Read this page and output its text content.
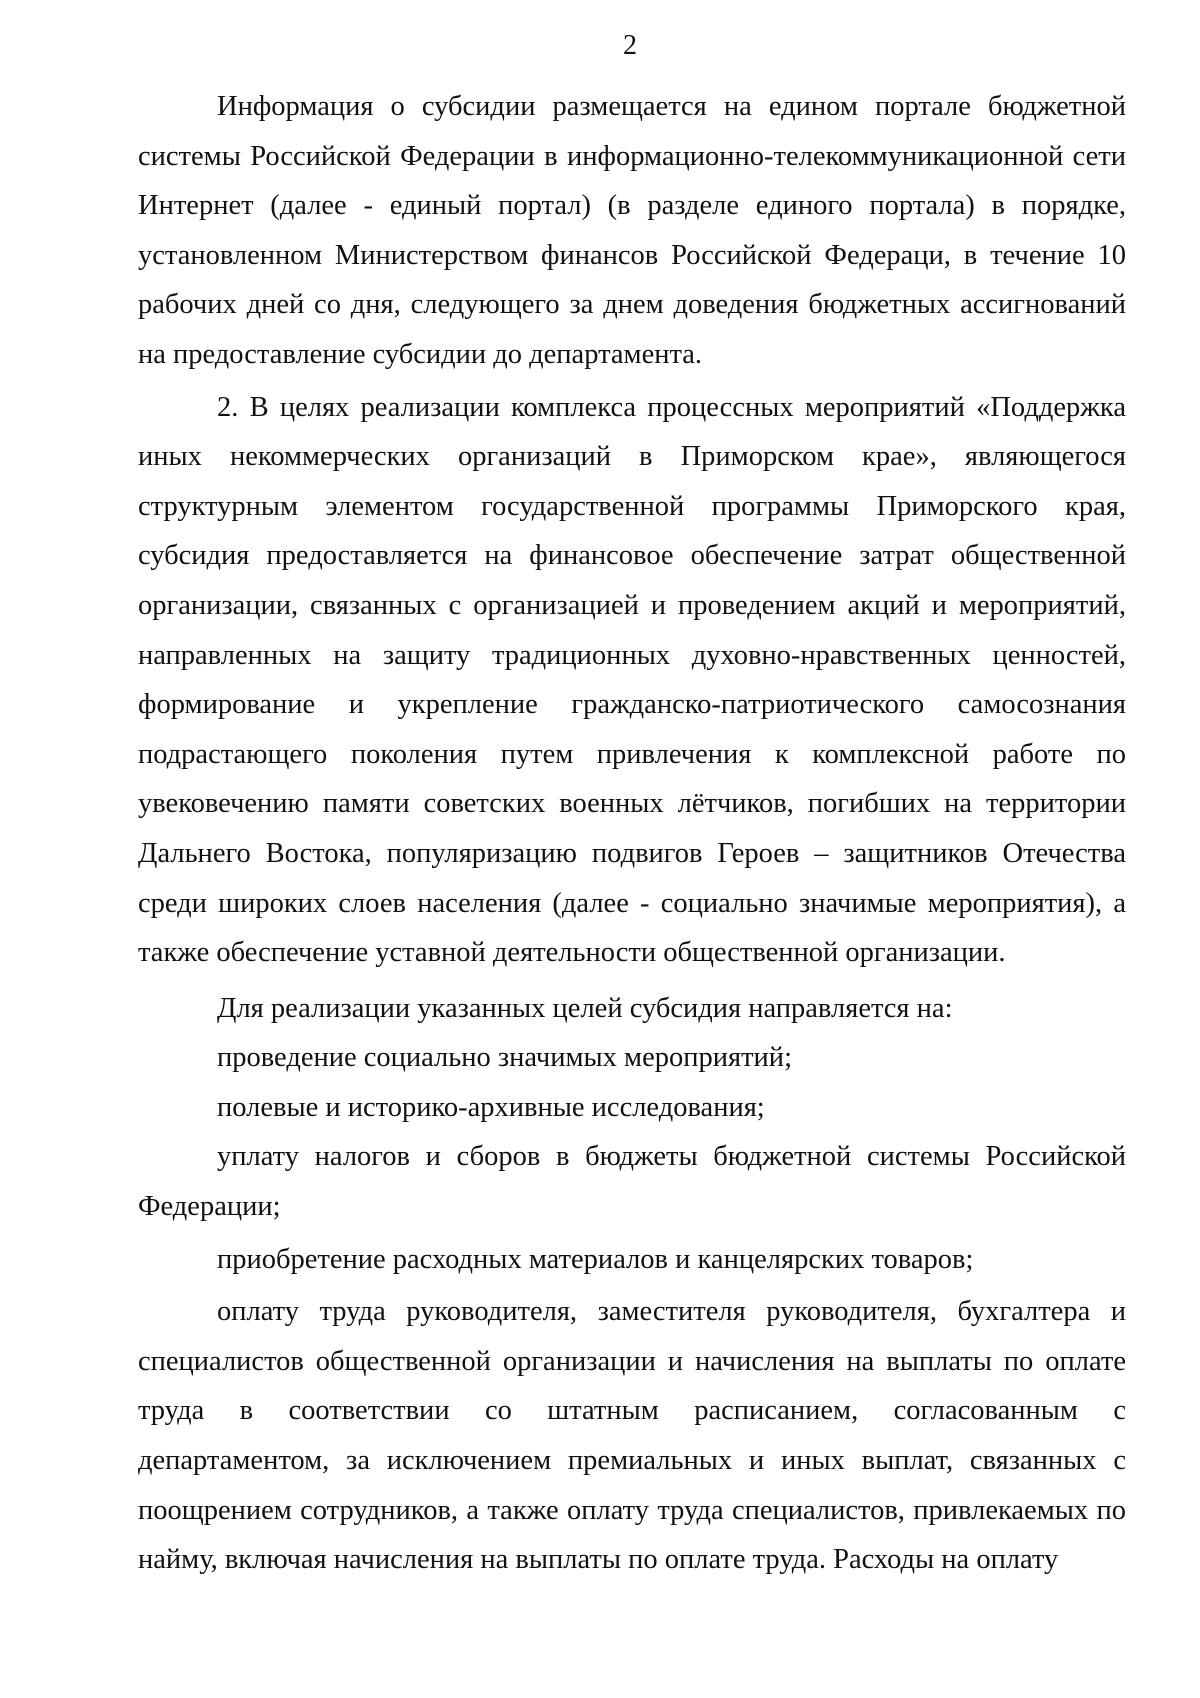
2

Информация о субсидии размещается на едином портале бюджетной системы Российской Федерации в информационно-телекоммуникационной сети Интернет (далее - единый портал) (в разделе единого портала) в порядке, установленном Министерством финансов Российской Федераци, в течение 10 рабочих дней со дня, следующего за днем доведения бюджетных ассигнований на предоставление субсидии до департамента.

2. В целях реализации комплекса процессных мероприятий «Поддержка иных некоммерческих организаций в Приморском крае», являющегося структурным элементом государственной программы Приморского края, субсидия предоставляется на финансовое обеспечение затрат общественной организации, связанных с организацией и проведением акций и мероприятий, направленных на защиту традиционных духовно-нравственных ценностей, формирование и укрепление гражданско-патриотического самосознания подрастающего поколения путем привлечения к комплексной работе по увековечению памяти советских военных лётчиков, погибших на территории Дальнего Востока, популяризацию подвигов Героев – защитников Отечества среди широких слоев населения (далее - социально значимые мероприятия), а также обеспечение уставной деятельности общественной организации.

Для реализации указанных целей субсидия направляется на:

проведение социально значимых мероприятий;

полевые и историко-архивные исследования;

уплату налогов и сборов в бюджеты бюджетной системы Российской Федерации;

приобретение расходных материалов и канцелярских товаров;

оплату труда руководителя, заместителя руководителя, бухгалтера и специалистов общественной организации и начисления на выплаты по оплате труда в соответствии со штатным расписанием, согласованным с департаментом, за исключением премиальных и иных выплат, связанных с поощрением сотрудников, а также оплату труда специалистов, привлекаемых по найму, включая начисления на выплаты по оплате труда. Расходы на оплату
